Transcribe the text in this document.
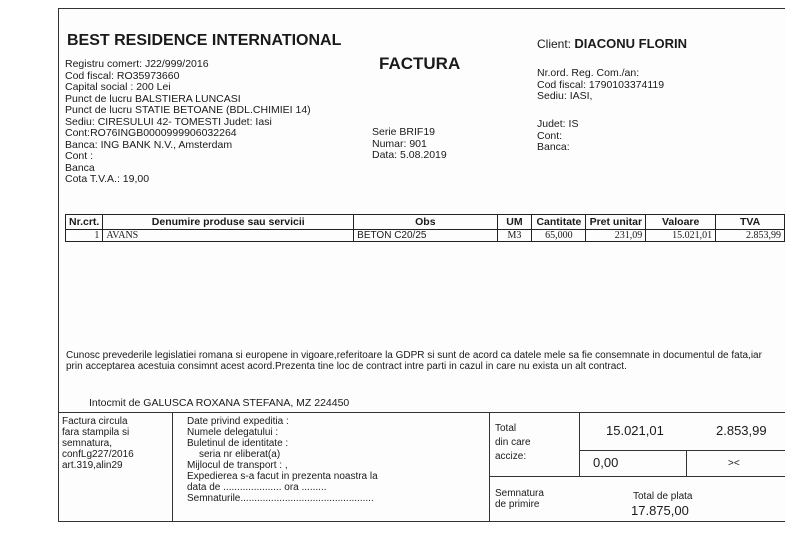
BEST RESIDENCE INTERNATIONAL
FACTURA
Client: DIACONU FLORIN
Registru comert: J22/999/2016
Cod fiscal: RO35973660
Capital social : 200 Lei
Punct de lucru BALSTIERA LUNCASI
Punct de lucru STATIE BETOANE (BDL.CHIMIEI 14)
Sediu: CIRESULUI 42- TOMESTI Judet: Iasi
Cont:RO76INGB0000999906032264
Banca: ING BANK N.V., Amsterdam
Cont :
Banca
Cota T.V.A.: 19,00
Nr.ord. Reg. Com./an:
Cod fiscal: 1790103374119
Sediu: IASI,
Judet: IS
Cont:
Banca:
Serie BRIF19
Numar: 901
Data: 5.08.2019
Nr.crt.	Denumire produse sau servicii	Obs	UM	Cantitate	Pret unitar	Valoare	TVA
1	AVANS	BETON C20/25	M3	65,000	231,09	15.021,01	2.853,99
Cunosc prevederile legislatiei romana si europene in vigoare,referitoare la GDPR si sunt de acord ca datele mele sa fie consemnate in documentul de fata,iar prin acceptarea acestuia consimnt acest acord.Prezenta tine loc de contract intre parti in cazul in care nu exista un alt contract.
Intocmit de GALUSCA ROXANA STEFANA, MZ 224450
Factura circula
fara stampila si
semnatura,
confLg227/2016
art.319,alin29
Date privind expeditia :
Numele delegatului :
Buletinul de identitate :
seria nr eliberat(a)
Mijlocul de transport : ,
Expedierea s-a facut in prezenta noastra la
data de ..................... ora .........
Semnaturile................................................
Total
din care
accize:
15.021,01	2.853,99
0,00	><
Semnatura
de primire
Total de plata
17.875,00
